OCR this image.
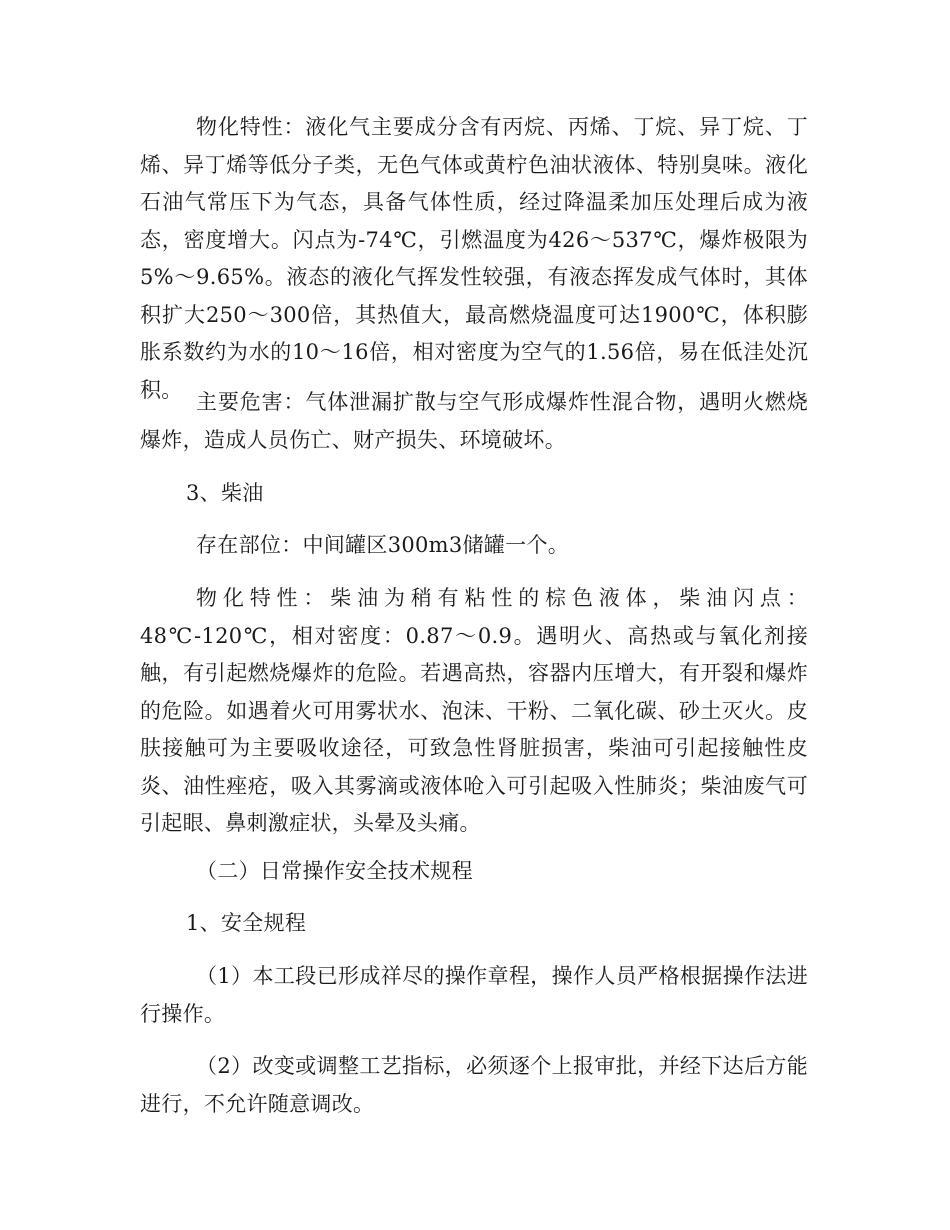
物化特性：液化气主要成分含有丙烷、丙烯、丁烷、异丁烷、丁烯、异丁烯等低分子类，无色气体或黄柠色油状液体、特别臭味。液化石油气常压下为气态，具备气体性质，经过降温柔加压处理后成为液态，密度增大。闪点为-74℃，引燃温度为426～537℃，爆炸极限为5%～9.65%。液态的液化气挥发性较强，有液态挥发成气体时，其体积扩大250～300倍，其热值大，最高燃烧温度可达1900℃，体积膨胀系数约为水的10～16倍，相对密度为空气的1.56倍，易在低洼处沉积。

主要危害：气体泄漏扩散与空气形成爆炸性混合物，遇明火燃烧爆炸，造成人员伤亡、财产损失、环境破坏。

3、柴油

存在部位：中间罐区300m3储罐一个。

物化特性：柴油为稍有粘性的棕色液体，柴油闪点：48℃-120℃，相对密度：0.87～0.9。遇明火、高热或与氧化剂接触，有引起燃烧爆炸的危险。若遇高热，容器内压增大，有开裂和爆炸的危险。如遇着火可用雾状水、泡沫、干粉、二氧化碳、砂土灭火。皮肤接触可为主要吸收途径，可致急性肾脏损害，柴油可引起接触性皮炎、油性痤疮，吸入其雾滴或液体呛入可引起吸入性肺炎；柴油废气可引起眼、鼻刺激症状，头晕及头痛。

（二）日常操作安全技术规程

1、安全规程

（1）本工段已形成祥尽的操作章程，操作人员严格根据操作法进行操作。

（2）改变或调整工艺指标，必须逐个上报审批，并经下达后方能进行，不允许随意调改。
